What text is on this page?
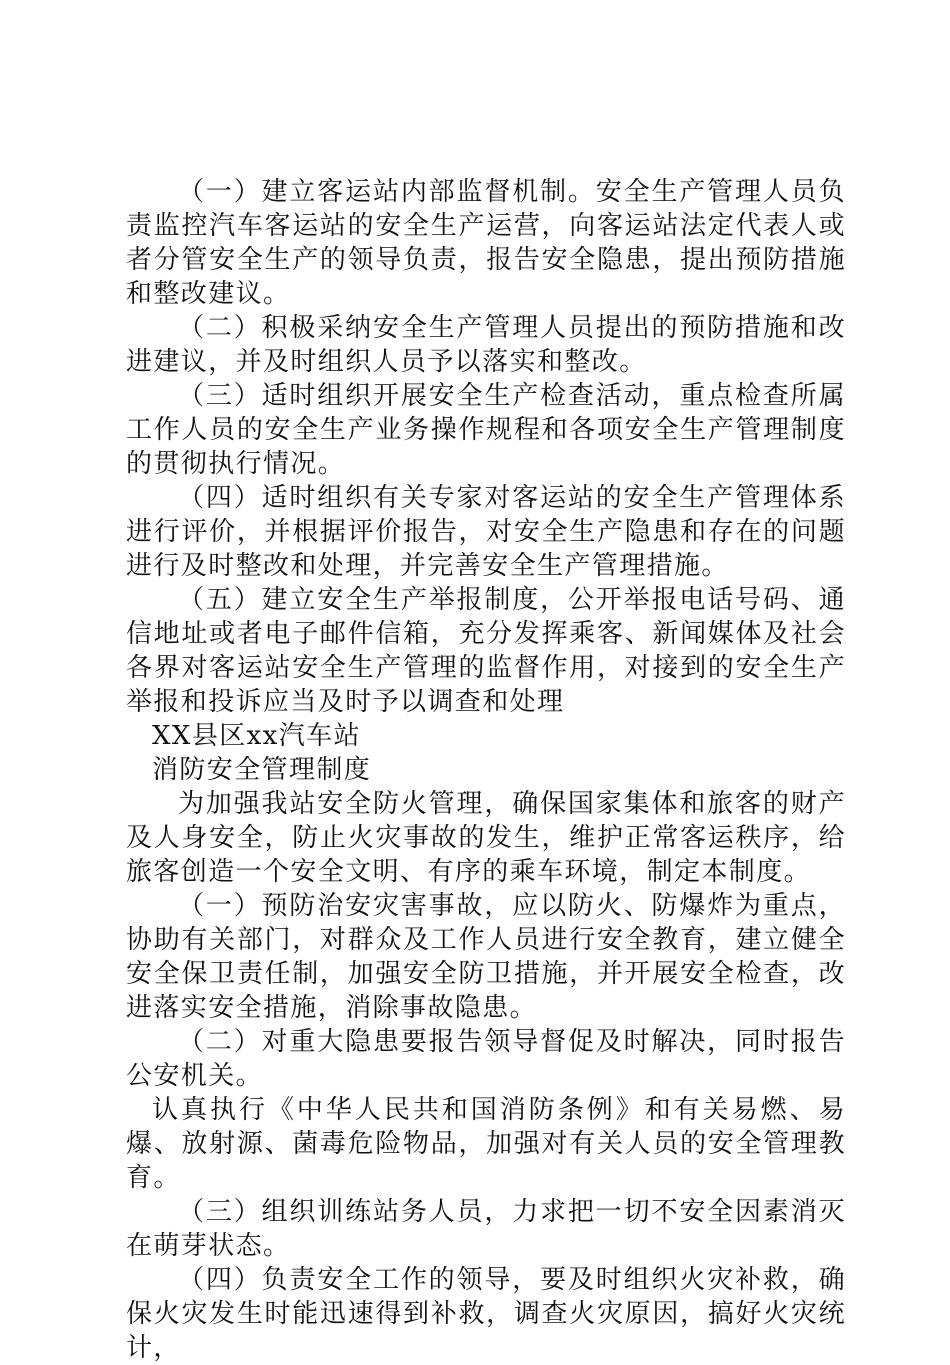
（一）建立客运站内部监督机制。安全生产管理人员负责监控汽车客运站的安全生产运营，向客运站法定代表人或者分管安全生产的领导负责，报告安全隐患，提出预防措施和整改建议。

（二）积极采纳安全生产管理人员提出的预防措施和改进建议，并及时组织人员予以落实和整改。

（三）适时组织开展安全生产检查活动，重点检查所属工作人员的安全生产业务操作规程和各项安全生产管理制度的贯彻执行情况。

（四）适时组织有关专家对客运站的安全生产管理体系进行评价，并根据评价报告，对安全生产隐患和存在的问题进行及时整改和处理，并完善安全生产管理措施。

（五）建立安全生产举报制度，公开举报电话号码、通信地址或者电子邮件信箱，充分发挥乘客、新闻媒体及社会各界对客运站安全生产管理的监督作用，对接到的安全生产举报和投诉应当及时予以调查和处理

XX县区xx汽车站

消防安全管理制度

为加强我站安全防火管理，确保国家集体和旅客的财产及人身安全，防止火灾事故的发生，维护正常客运秩序，给旅客创造一个安全文明、有序的乘车环境，制定本制度。

（一）预防治安灾害事故，应以防火、防爆炸为重点，协助有关部门，对群众及工作人员进行安全教育，建立健全安全保卫责任制，加强安全防卫措施，并开展安全检查，改进落实安全措施，消除事故隐患。

（二）对重大隐患要报告领导督促及时解决，同时报告公安机关。

认真执行《中华人民共和国消防条例》和有关易燃、易爆、放射源、菌毒危险物品，加强对有关人员的安全管理教育。

（三）组织训练站务人员，力求把一切不安全因素消灭在萌芽状态。

（四）负责安全工作的领导，要及时组织火灾补救，确保火灾发生时能迅速得到补救，调查火灾原因，搞好火灾统计，
